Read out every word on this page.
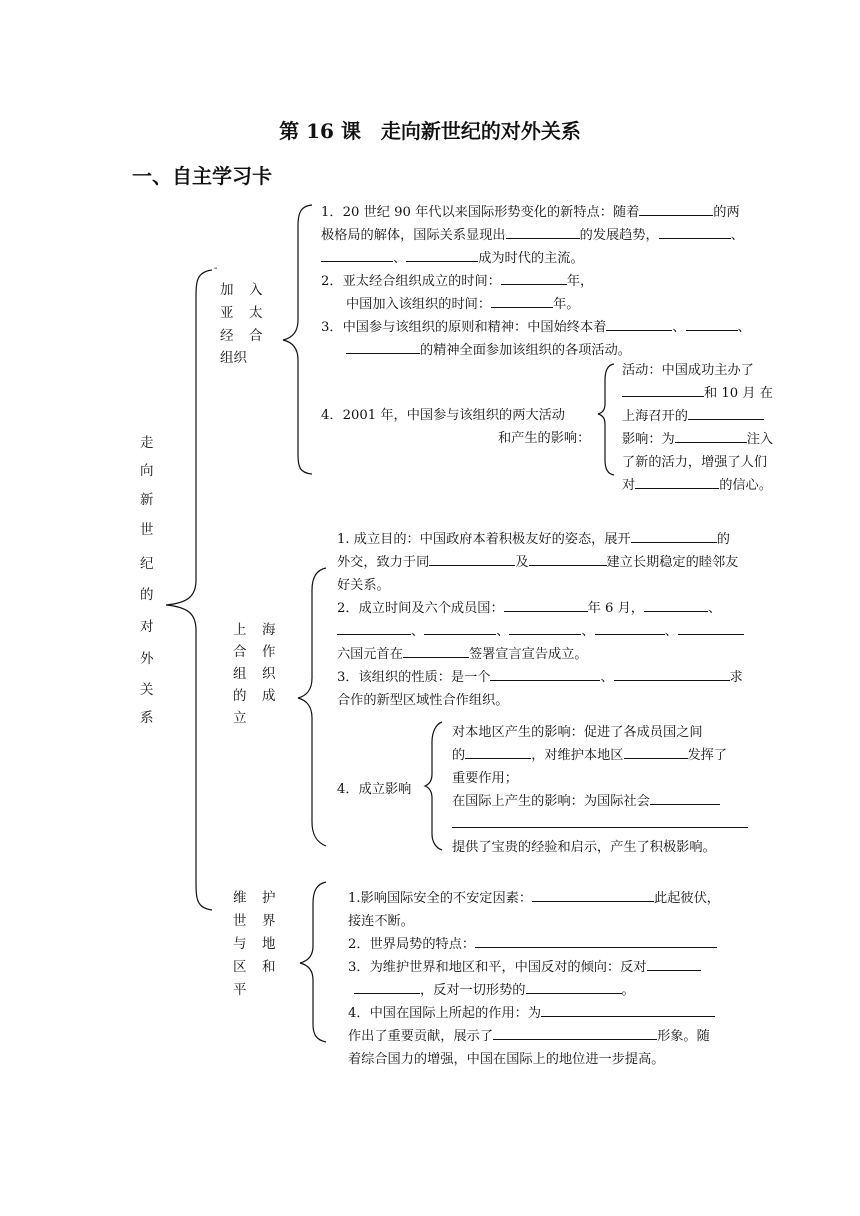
第 16 课 走向新世纪的对外关系
一、自主学习卡
走
向
新
世
纪
的
对
外
关
系
-
加 入
亚 太
经 合
组织
1．20 世纪 90 年代以来国际形势变化的新特点：随着	的两
极格局的解体，国际关系显现出	的发展趋势，	、
、	成为时代的主流。
2．亚太经合组织成立的时间：	年，
中国加入该组织的时间：	年。
3．中国参与该组织的原则和精神：中国始终本着	、	、
的精神全面参加该组织的各项活动。
4．2001 年，中国参与该组织的两大活动
和产生的影响：
活动：中国成功主办了
和 10 月 在
上海召开的
影响：为	注入
了新的活力，增强了人们
对	的信心。
上 海
合 作
组 织
的 成
立
1. 成立目的：中国政府本着积极友好的姿态，展开	的
外交，致力于同	及	建立长期稳定的睦邻友
好关系。
2．成立时间及六个成员国：	年 6 月，	、
、	、	、	、
六国元首在	签署宣言宣告成立。
3．该组织的性质：是一个	、	求
合作的新型区域性合作组织。
4．成立影响
对本地区产生的影响：促进了各成员国之间
的	，对维护本地区	发挥了
重要作用；
在国际上产生的影响：为国际社会
提供了宝贵的经验和启示，产生了积极影响。
维 护
世 界
与 地
区 和
平
1.影响国际安全的不安定因素：	此起彼伏，
接连不断。
2．世界局势的特点：
3．为维护世界和地区和平，中国反对的倾向：反对
，反对一切形势的	。
4．中国在国际上所起的作用：为
作出了重要贡献，展示了	形象。随
着综合国力的增强，中国在国际上的地位进一步提高。
